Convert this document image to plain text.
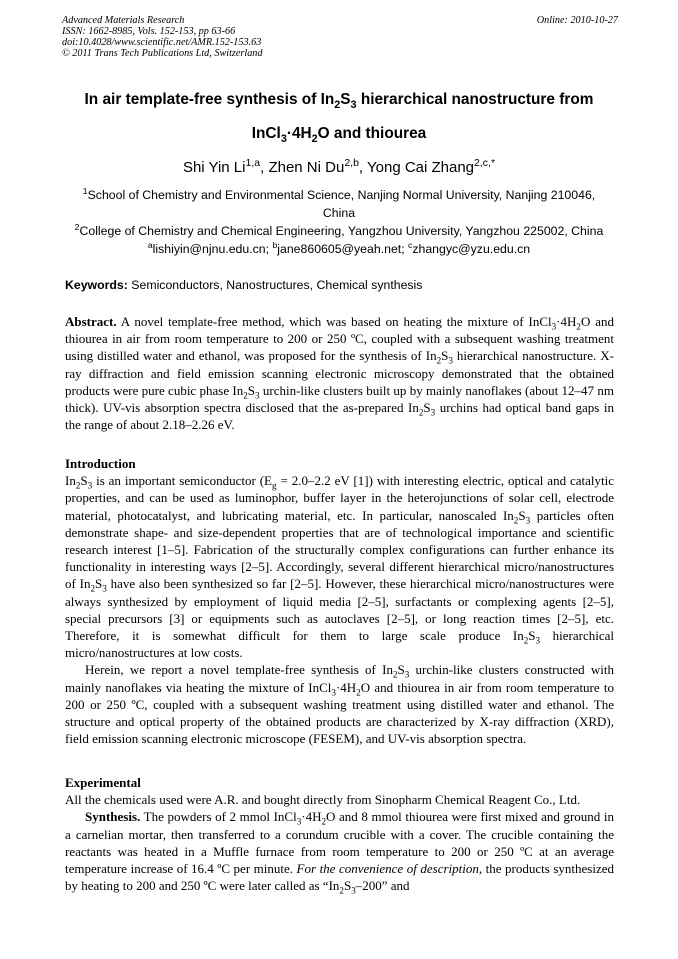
Advanced Materials Research
ISSN: 1662-8985, Vols. 152-153, pp 63-66
doi:10.4028/www.scientific.net/AMR.152-153.63
© 2011 Trans Tech Publications Ltd, Switzerland
Online: 2010-10-27
In air template-free synthesis of $In_2S_3$ hierarchical nanostructure from
$InCl_3\cdot 4H_2O$ and thiourea
Shi Yin Li$^{1,a}$, Zhen Ni Du$^{2,b}$, Yong Cai Zhang$^{2,c,*}$
$^1$School of Chemistry and Environmental Science, Nanjing Normal University, Nanjing 210046,
China
$^2$College of Chemistry and Chemical Engineering, Yangzhou University, Yangzhou 225002, China
$^a$lishiyin@njnu.edu.cn; $^b$jane860605@yeah.net; $^c$zhangyc@yzu.edu.cn
Keywords: Semiconductors, Nanostructures, Chemical synthesis

Abstract. A novel template-free method, which was based on heating the mixture of $InCl_3\cdot 4H_2O$ and thiourea in air from room temperature to 200 or 250 ºC, coupled with a subsequent washing treatment using distilled water and ethanol, was proposed for the synthesis of $In_2S_3$ hierarchical nanostructure. X-ray diffraction and field emission scanning electronic microscopy demonstrated that the obtained products were pure cubic phase $In_2S_3$ urchin-like clusters built up by mainly nanoflakes (about 12–47 nm thick). UV-vis absorption spectra disclosed that the as-prepared $In_2S_3$ urchins had optical band gaps in the range of about 2.18–2.26 eV.

Introduction

$In_2S_3$ is an important semiconductor ($E_g = 2.0-2.2$ eV [1]) with interesting electric, optical and catalytic properties, and can be used as luminophor, buffer layer in the heterojunctions of solar cell, electrode material, photocatalyst, and lubricating material, etc. In particular, nanoscaled $In_2S_3$ particles often demonstrate shape- and size-dependent properties that are of technological importance and scientific research interest [1–5]. Fabrication of the structurally complex configurations can further enhance its functionality in interesting ways [2–5]. Accordingly, several different hierarchical micro/nanostructures of $In_2S_3$ have also been synthesized so far [2–5]. However, these hierarchical micro/nanostructures were always synthesized by employment of liquid media [2–5], surfactants or complexing agents [2–5], special precursors [3] or equipments such as autoclaves [2–5], or long reaction times [2–5], etc. Therefore, it is somewhat difficult for them to large scale produce $In_2S_3$ hierarchical micro/nanostructures at low costs.

Herein, we report a novel template-free synthesis of $In_2S_3$ urchin-like clusters constructed with mainly nanoflakes via heating the mixture of $InCl_3\cdot 4H_2O$ and thiourea in air from room temperature to 200 or 250 ºC, coupled with a subsequent washing treatment using distilled water and ethanol. The structure and optical property of the obtained products are characterized by X-ray diffraction (XRD), field emission scanning electronic microscope (FESEM), and UV-vis absorption spectra.

Experimental

All the chemicals used were A.R. and bought directly from Sinopharm Chemical Reagent Co., Ltd.

Synthesis. The powders of 2 mmol $InCl_3\cdot 4H_2O$ and 8 mmol thiourea were first mixed and ground in a carnelian mortar, then transferred to a corundum crucible with a cover. The crucible containing the reactants was heated in a Muffle furnace from room temperature to 200 or 250 ºC at an average temperature increase of 16.4 ºC per minute. For the convenience of description, the products synthesized by heating to 200 and 250 ºC were later called as “$In_2S_3-200$” and
